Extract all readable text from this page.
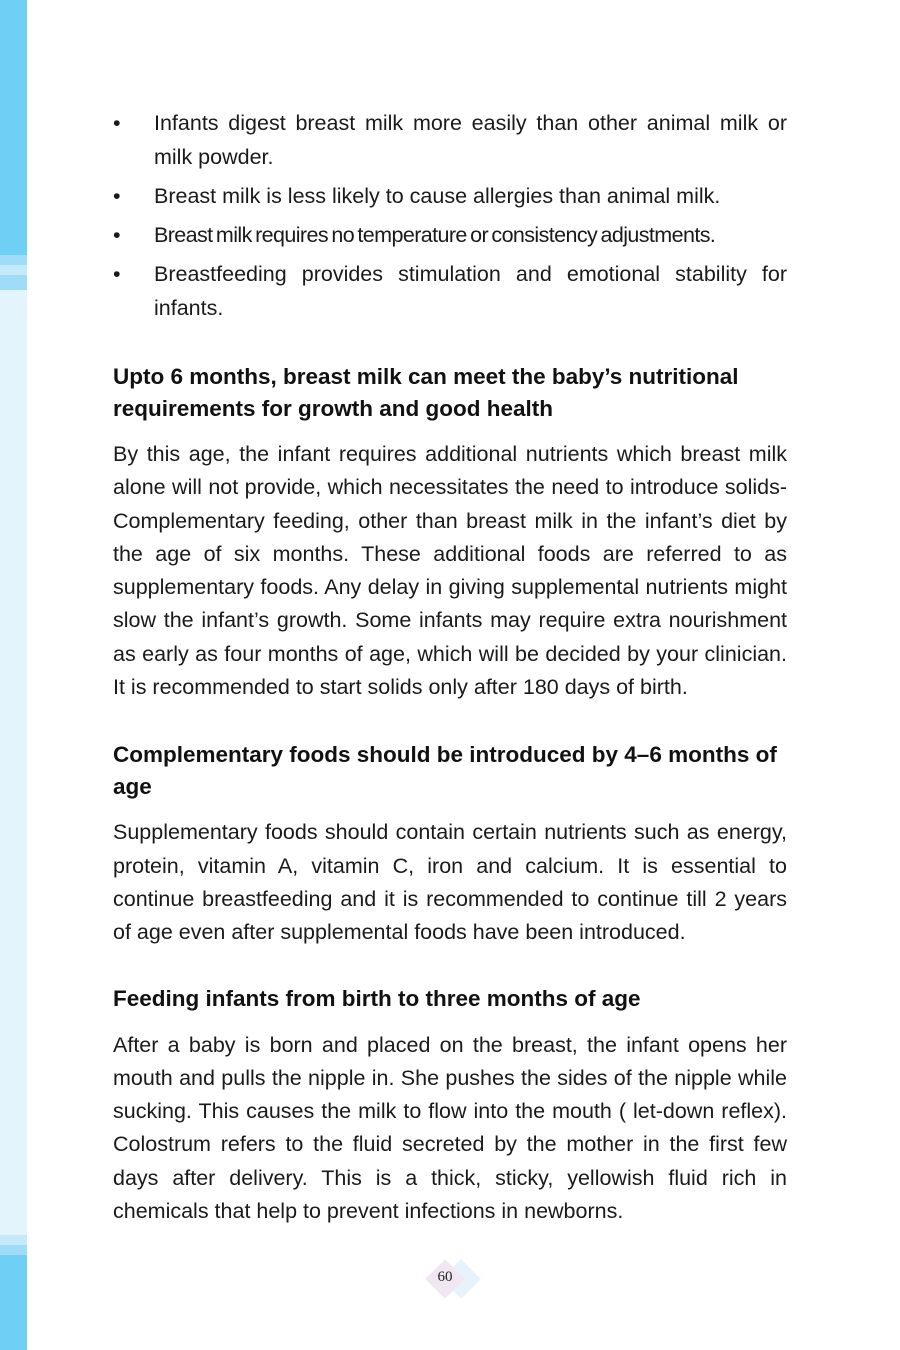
•	Infants digest breast milk more easily than other animal milk or milk powder.
•	Breast milk is less likely to cause allergies than animal milk.
•	Breast milk requires no temperature or consistency adjustments.
•	Breastfeeding provides stimulation and emotional stability for infants.
Upto 6 months, breast milk can meet the baby’s nutritional requirements for growth and good health

By this age, the infant requires additional nutrients which breast milk alone will not provide, which necessitates the need to introduce solids- Complementary feeding, other than breast milk in the infant’s diet by the age of six months. These additional foods are referred to as supplementary foods. Any delay in giving supplemental nutrients might slow the infant’s growth. Some infants may require extra nourishment as early as four months of age, which will be decided by your clinician. It is recommended to start solids only after 180 days of birth.

Complementary foods should be introduced by 4–6 months of age

Supplementary foods should contain certain nutrients such as energy, protein, vitamin A, vitamin C, iron and calcium. It is essential to continue breastfeeding and it is recommended to continue till 2 years of age even after supplemental foods have been introduced.

Feeding infants from birth to three months of age

After a baby is born and placed on the breast, the infant opens her mouth and pulls the nipple in. She pushes the sides of the nipple while sucking. This causes the milk to flow into the mouth ( let-down reflex). Colostrum refers to the fluid secreted by the mother in the first few days after delivery. This is a thick, sticky, yellowish fluid rich in chemicals that help to prevent infections in newborns.

60
